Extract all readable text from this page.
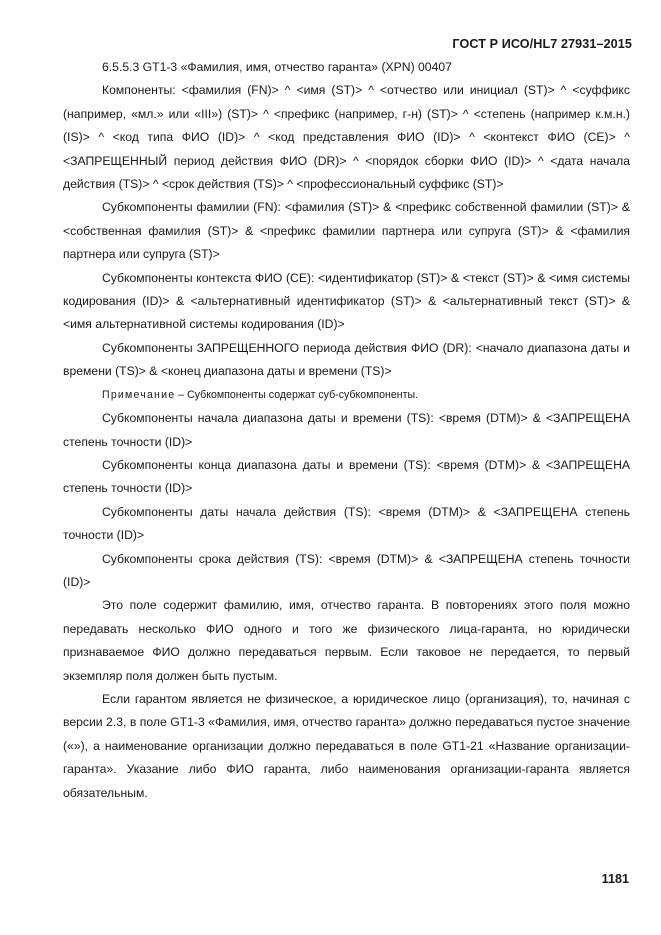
ГОСТ Р ИСО/HL7 27931–2015

6.5.5.3 GT1-3 «Фамилия, имя, отчество гаранта» (XPN) 00407

Компоненты: <фамилия (FN)> ^ <имя (ST)> ^ <отчество или инициал (ST)> ^ <суффикс (например, «мл.» или «III») (ST)> ^ <префикс (например, г-н) (ST)> ^ <степень (например к.м.н.) (IS)> ^ <код типа ФИО (ID)> ^ <код представления ФИО (ID)> ^ <контекст ФИО (CE)> ^ <ЗАПРЕЩЕННЫЙ период действия ФИО (DR)> ^ <порядок сборки ФИО (ID)> ^ <дата начала действия (TS)> ^ <срок действия (TS)> ^ <профессиональный суффикс (ST)>

Субкомпоненты фамилии (FN): <фамилия (ST)> & <префикс собственной фамилии (ST)> & <собственная фамилия (ST)> & <префикс фамилии партнера или супруга (ST)> & <фамилия партнера или супруга (ST)>

Субкомпоненты контекста ФИО (CE): <идентификатор (ST)> & <текст (ST)> & <имя системы кодирования (ID)> & <альтернативный идентификатор (ST)> & <альтернативный текст (ST)> & <имя альтернативной системы кодирования (ID)>

Субкомпоненты ЗАПРЕЩЕННОГО периода действия ФИО (DR): <начало диапазона даты и времени (TS)> & <конец диапазона даты и времени (TS)>

Примечание – Субкомпоненты содержат суб-субкомпоненты.

Субкомпоненты начала диапазона даты и времени (TS): <время (DTM)> & <ЗАПРЕЩЕНА степень точности (ID)>

Субкомпоненты конца диапазона даты и времени (TS): <время (DTM)> & <ЗАПРЕЩЕНА степень точности (ID)>

Субкомпоненты даты начала действия (TS): <время (DTM)> & <ЗАПРЕЩЕНА степень точности (ID)>

Субкомпоненты срока действия (TS): <время (DTM)> & <ЗАПРЕЩЕНА степень точности (ID)>

Это поле содержит фамилию, имя, отчество гаранта. В повторениях этого поля можно передавать несколько ФИО одного и того же физического лица-гаранта, но юридически признаваемое ФИО должно передаваться первым. Если таковое не передается, то первый экземпляр поля должен быть пустым.

Если гарантом является не физическое, а юридическое лицо (организация), то, начиная с версии 2.3, в поле GT1-3 «Фамилия, имя, отчество гаранта» должно передаваться пустое значение («»), а наименование организации должно передаваться в поле GT1-21 «Название организации-гаранта». Указание либо ФИО гаранта, либо наименования организации-гаранта является обязательным.

1181
